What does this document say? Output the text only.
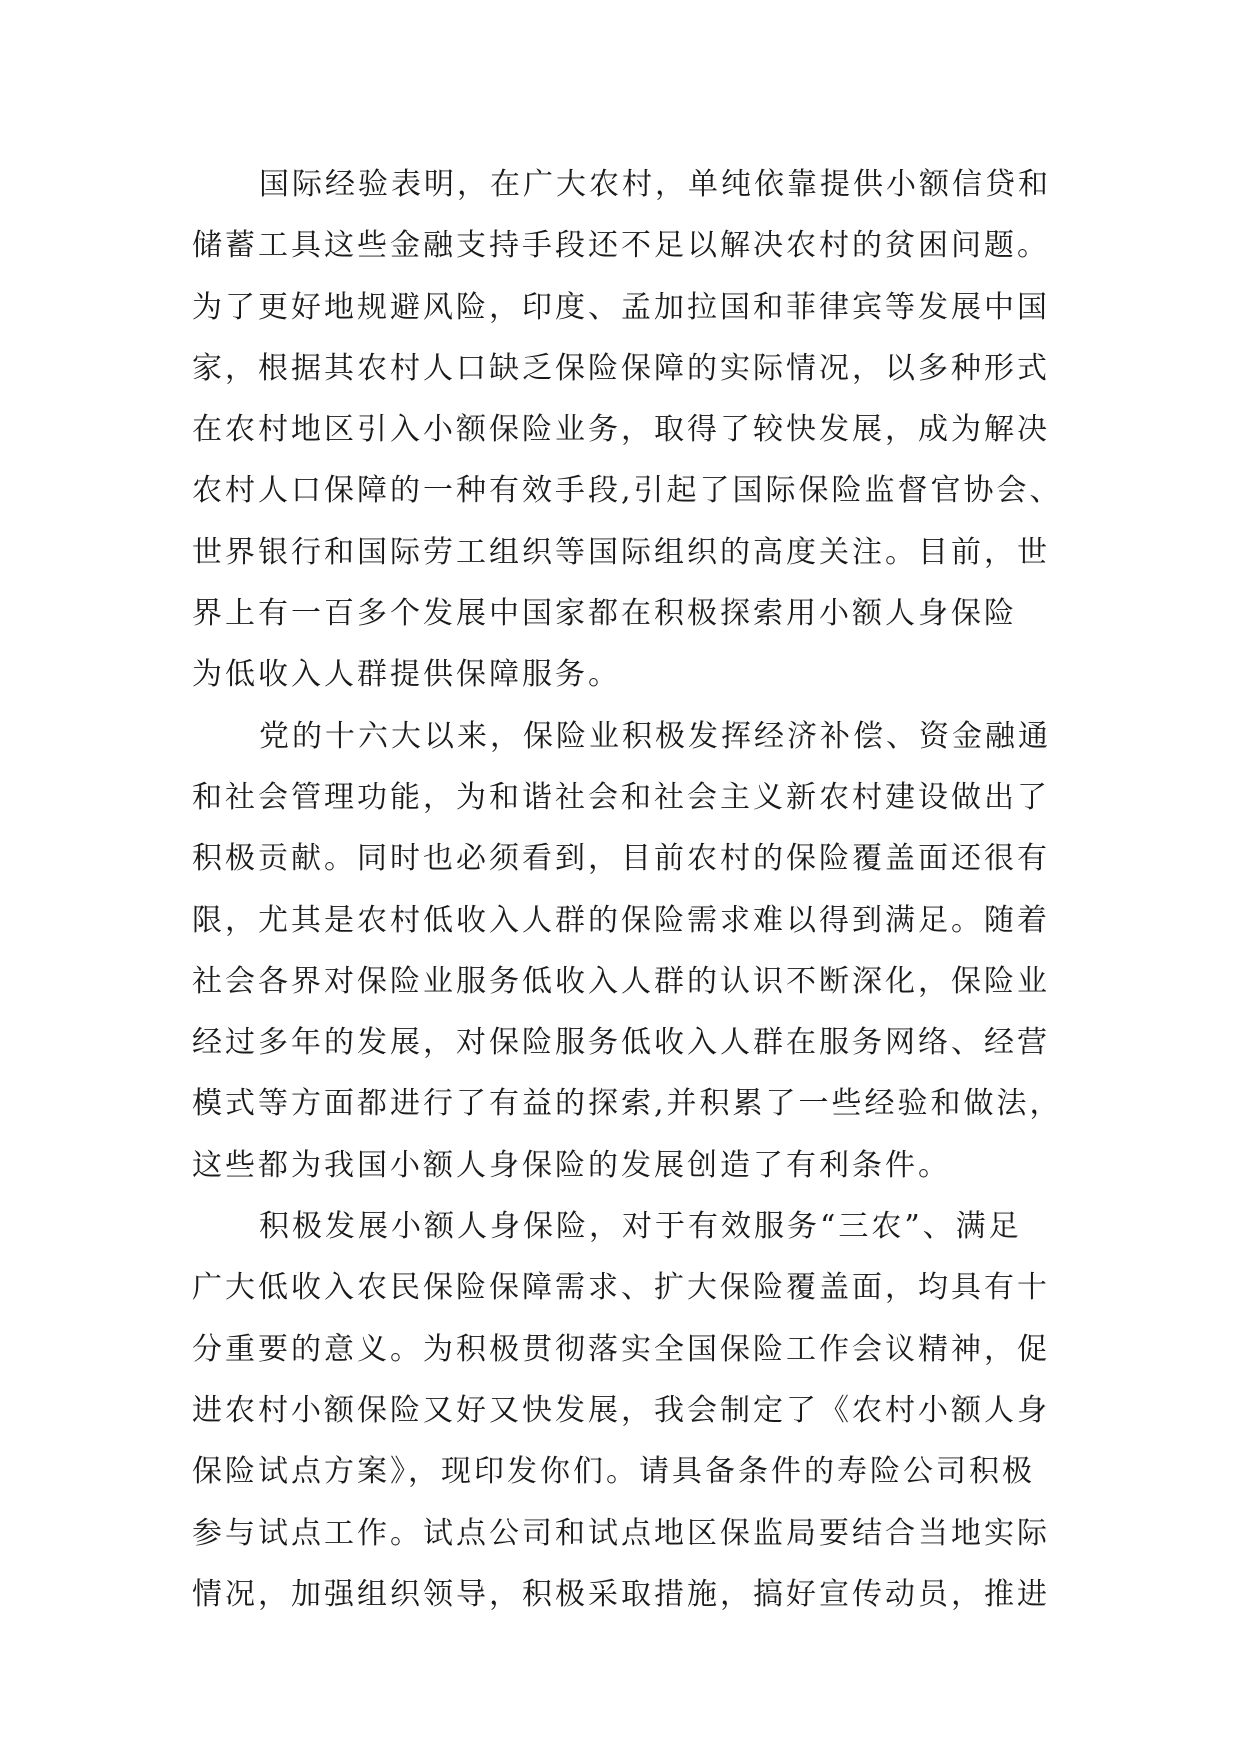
国际经验表明，在广大农村，单纯依靠提供小额信贷和
储蓄工具这些金融支持手段还不足以解决农村的贫困问题。
为了更好地规避风险，印度、孟加拉国和菲律宾等发展中国
家，根据其农村人口缺乏保险保障的实际情况，以多种形式
在农村地区引入小额保险业务，取得了较快发展，成为解决
农村人口保障的一种有效手段,引起了国际保险监督官协会、
世界银行和国际劳工组织等国际组织的高度关注。目前，世
界上有一百多个发展中国家都在积极探索用小额人身保险
为低收入人群提供保障服务。
党的十六大以来，保险业积极发挥经济补偿、资金融通
和社会管理功能，为和谐社会和社会主义新农村建设做出了
积极贡献。同时也必须看到，目前农村的保险覆盖面还很有
限，尤其是农村低收入人群的保险需求难以得到满足。随着
社会各界对保险业服务低收入人群的认识不断深化，保险业
经过多年的发展，对保险服务低收入人群在服务网络、经营
模式等方面都进行了有益的探索,并积累了一些经验和做法，
这些都为我国小额人身保险的发展创造了有利条件。
积极发展小额人身保险，对于有效服务“三农”、满足
广大低收入农民保险保障需求、扩大保险覆盖面，均具有十
分重要的意义。为积极贯彻落实全国保险工作会议精神，促
进农村小额保险又好又快发展，我会制定了《农村小额人身
保险试点方案》，现印发你们。请具备条件的寿险公司积极
参与试点工作。试点公司和试点地区保监局要结合当地实际
情况，加强组织领导，积极采取措施，搞好宣传动员，推进
